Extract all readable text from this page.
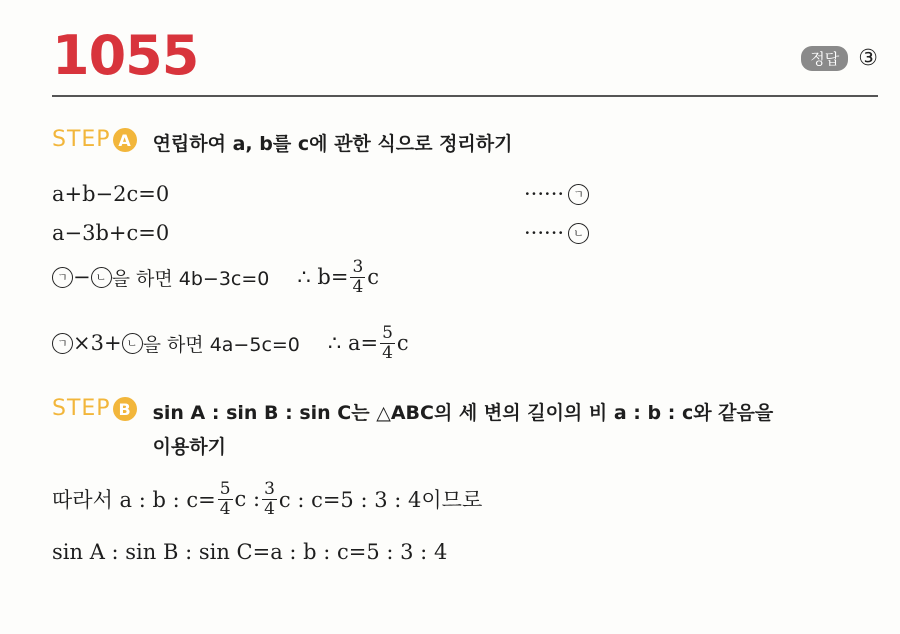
1055	정답 ③
STEP A	연립하여 a, b를 c에 관한 식으로 정리하기
a+b−2c=0	······ ㄱ
a−3b+c=0	······ ㄴ
ㄱ − ㄴ 을 하면 4b−3c=0 ∴ $b= \frac{3}{4}$ c
ㄱ ×3+ ㄴ 을 하면 4a−5c=0 ∴ $a= \frac{5}{4}$ c
STEP B	sin A : sin B : sin C는 △ABC의 세 변의 길이의 비 a : b : c와 같음을 이용하기
따라서 a : b : $c= \frac{5}{4}$ c : $\frac{3}{4}$ c : c=5 : 3 : 4이므로
sin A : sin B : sin C=a : b : c=5 : 3 : 4
